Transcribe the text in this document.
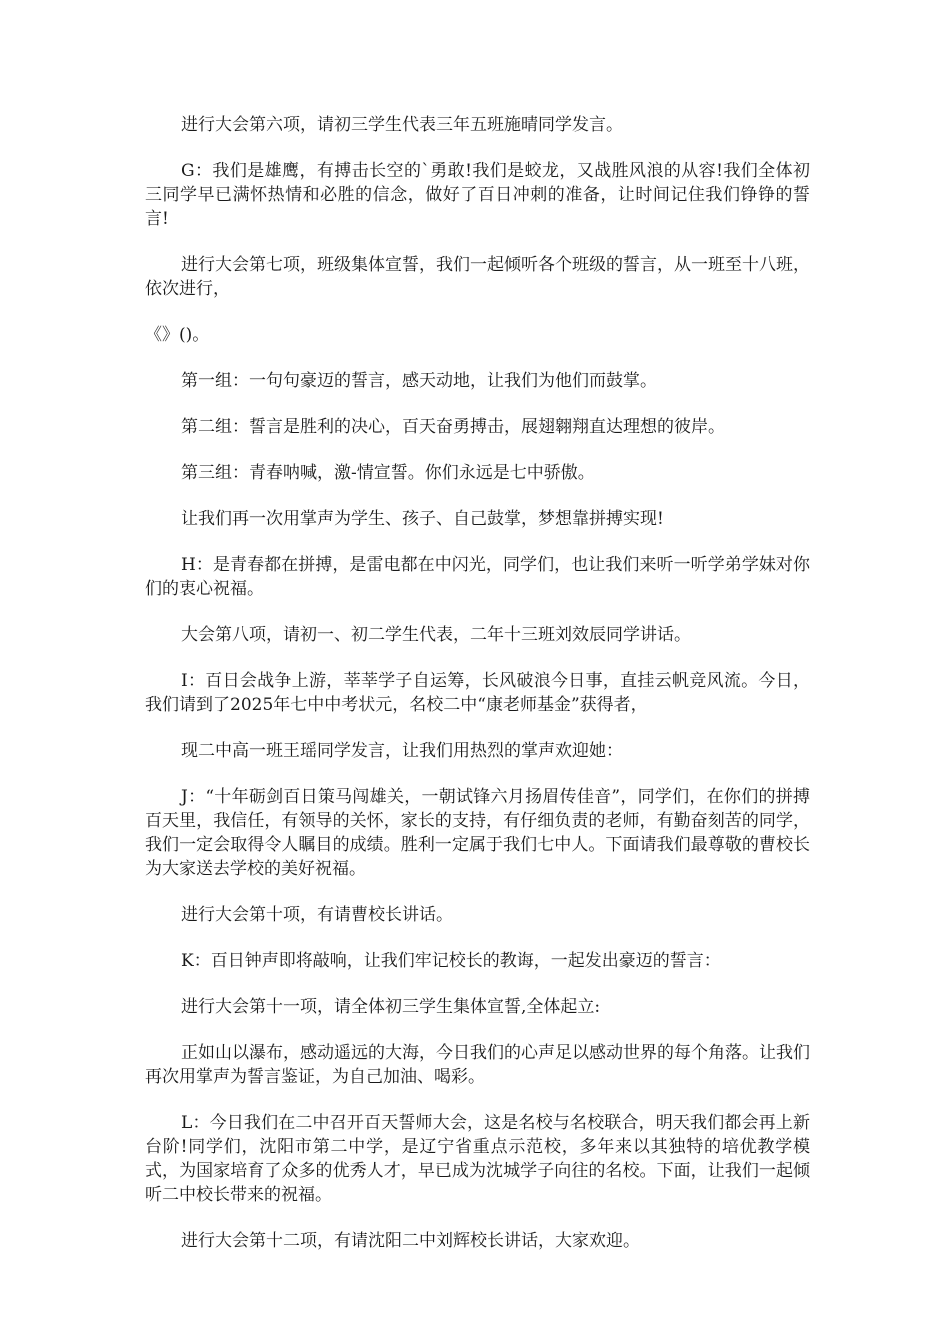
进行大会第六项，请初三学生代表三年五班施晴同学发言。

G：我们是雄鹰，有搏击长空的`勇敢!我们是蛟龙，又战胜风浪的从容!我们全体初三同学早已满怀热情和必胜的信念，做好了百日冲刺的准备，让时间记住我们铮铮的誓言!

进行大会第七项，班级集体宣誓，我们一起倾听各个班级的誓言，从一班至十八班，依次进行，

《》()。

第一组：一句句豪迈的誓言，感天动地，让我们为他们而鼓掌。

第二组：誓言是胜利的决心，百天奋勇搏击，展翅翱翔直达理想的彼岸。

第三组：青春呐喊，激-情宣誓。你们永远是七中骄傲。

让我们再一次用掌声为学生、孩子、自己鼓掌，梦想靠拼搏实现!

H：是青春都在拼搏，是雷电都在中闪光，同学们，也让我们来听一听学弟学妹对你们的衷心祝福。

大会第八项，请初一、初二学生代表，二年十三班刘效辰同学讲话。

I：百日会战争上游，莘莘学子自运筹，长风破浪今日事，直挂云帆竞风流。今日，我们请到了2025年七中中考状元，名校二中“康老师基金”获得者，

现二中高一班王瑶同学发言，让我们用热烈的掌声欢迎她：

J：“十年砺剑百日策马闯雄关，一朝试锋六月扬眉传佳音”，同学们，在你们的拼搏百天里，我信任，有领导的关怀，家长的支持，有仔细负责的老师，有勤奋刻苦的同学，我们一定会取得令人瞩目的成绩。胜利一定属于我们七中人。下面请我们最尊敬的曹校长为大家送去学校的美好祝福。

进行大会第十项，有请曹校长讲话。

K：百日钟声即将敲响，让我们牢记校长的教诲，一起发出豪迈的誓言：

进行大会第十一项，请全体初三学生集体宣誓,全体起立:

正如山以瀑布，感动遥远的大海，今日我们的心声足以感动世界的每个角落。让我们再次用掌声为誓言鉴证，为自己加油、喝彩。

L：今日我们在二中召开百天誓师大会，这是名校与名校联合，明天我们都会再上新台阶!同学们，沈阳市第二中学，是辽宁省重点示范校，多年来以其独特的培优教学模式，为国家培育了众多的优秀人才，早已成为沈城学子向往的名校。下面，让我们一起倾听二中校长带来的祝福。

进行大会第十二项，有请沈阳二中刘辉校长讲话，大家欢迎。
